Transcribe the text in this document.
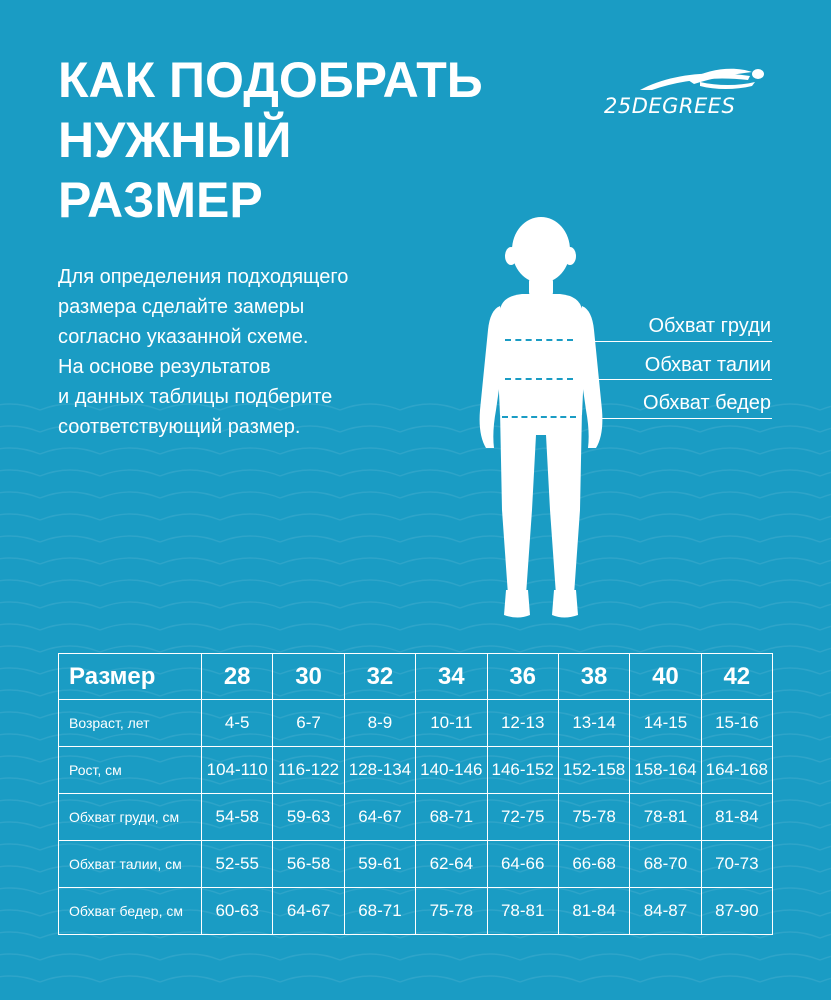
КАК ПОДОБРАТЬ
НУЖНЫЙ
РАЗМЕР
25DEGREES
Для определения подходящего
размера сделайте замеры
согласно указанной схеме.
На основе результатов
и данных таблицы подберите
соответствующий размер.
Обхват груди
Обхват талии
Обхват бедер
Размер	28	30	32	34	36	38	40	42
Возраст, лет	4-5	6-7	8-9	10-11	12-13	13-14	14-15	15-16
Рост, см	104-110	116-122	128-134	140-146	146-152	152-158	158-164	164-168
Обхват груди, см	54-58	59-63	64-67	68-71	72-75	75-78	78-81	81-84
Обхват талии, см	52-55	56-58	59-61	62-64	64-66	66-68	68-70	70-73
Обхват бедер, см	60-63	64-67	68-71	75-78	78-81	81-84	84-87	87-90
